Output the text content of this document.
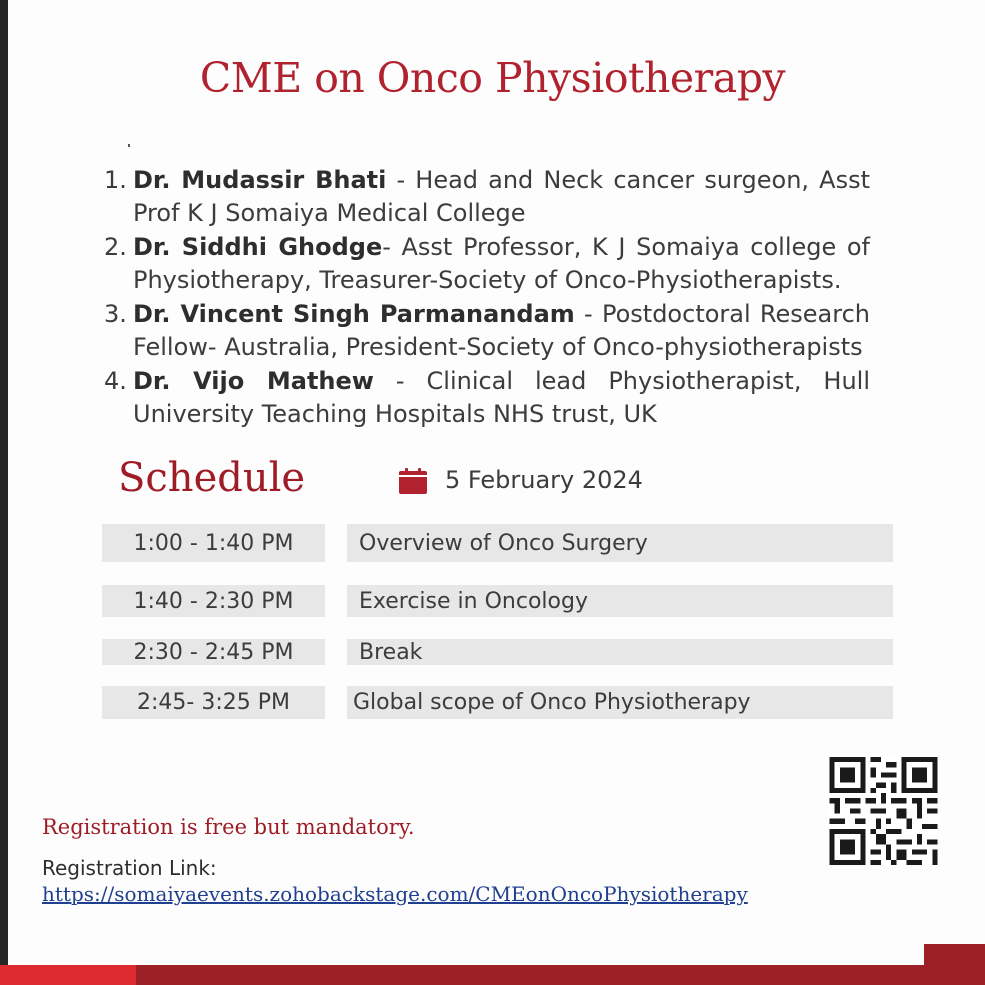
CME on Onco Physiotherapy
1. Dr. Mudassir Bhati - Head and Neck cancer surgeon, Asst Prof K J Somaiya Medical College
2. Dr. Siddhi Ghodge- Asst Professor, K J Somaiya college of Physiotherapy, Treasurer-Society of Onco-Physiotherapists.
3. Dr. Vincent Singh Parmanandam - Postdoctoral Research Fellow- Australia, President-Society of Onco-physiotherapists
4. Dr. Vijo Mathew - Clinical lead Physiotherapist, Hull University Teaching Hospitals NHS trust, UK
Schedule	5 February 2024
1:00 - 1:40 PM	Overview of Onco Surgery
1:40 - 2:30 PM	Exercise in Oncology
2:30 - 2:45 PM	Break
2:45- 3:25 PM	Global scope of Onco Physiotherapy
Registration is free but mandatory.
Registration Link:
https://somaiyaevents.zohobackstage.com/CMEonOncoPhysiotherapy
